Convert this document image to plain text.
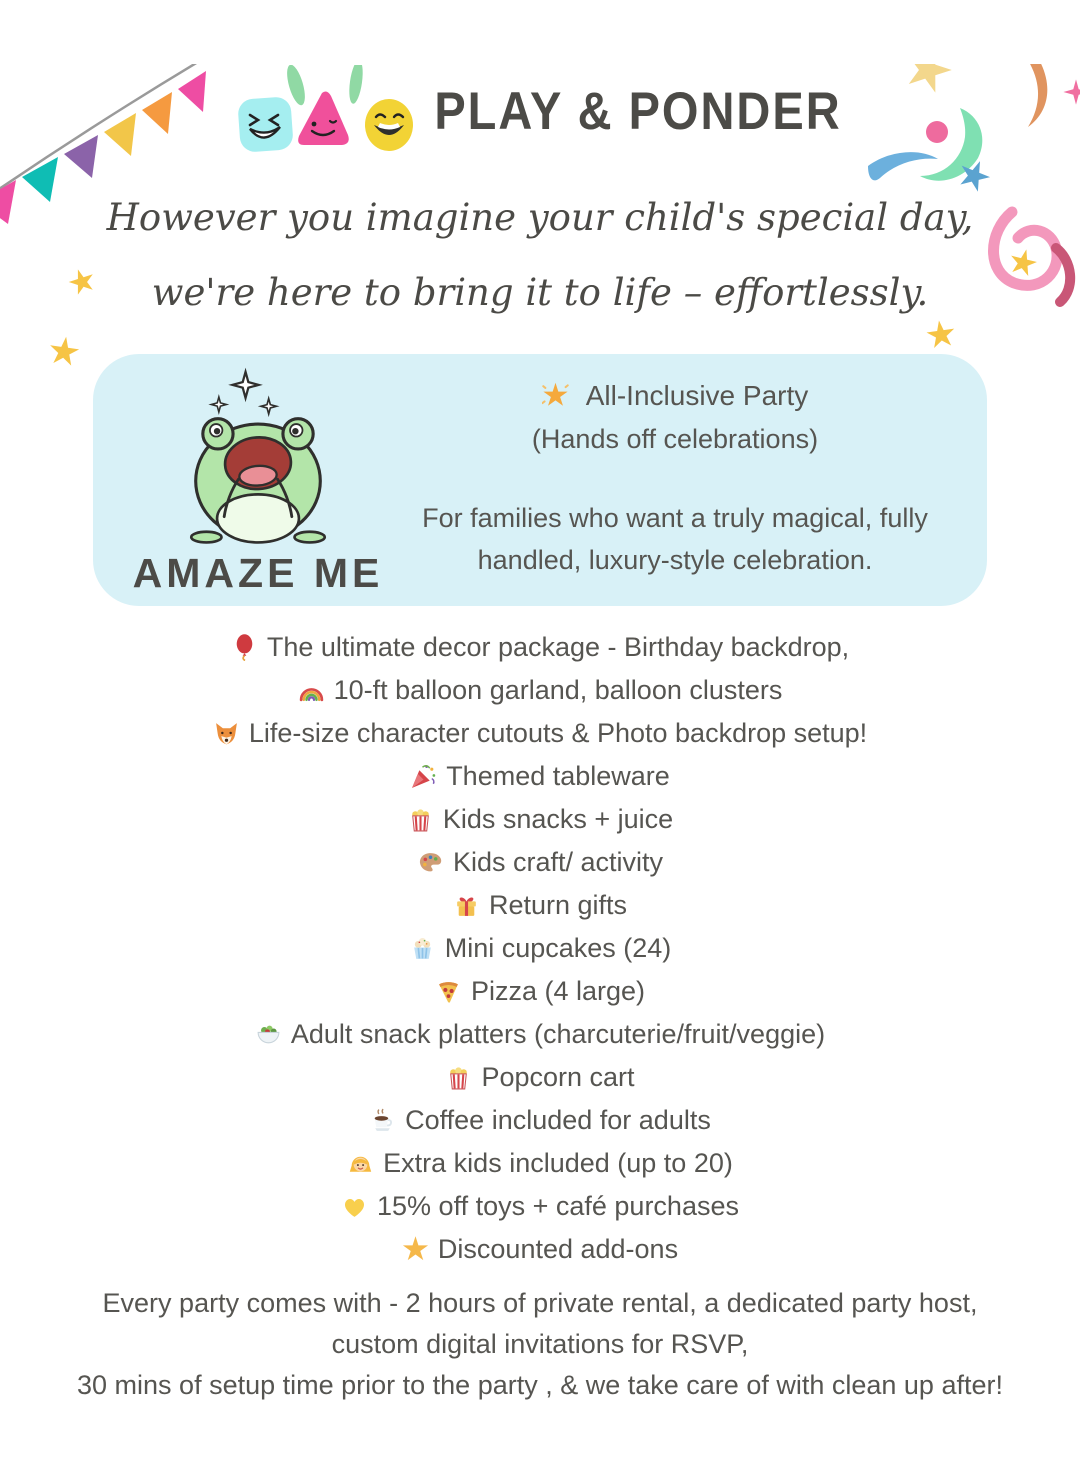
PLAY & PONDER
However you imagine your child's special day,
we're here to bring it to life – effortlessly.
AMAZE ME
All-Inclusive Party
(Hands off celebrations)
For families who want a truly magical, fully
handled, luxury-style celebration.
The ultimate decor package - Birthday backdrop,
10-ft balloon garland, balloon clusters
Life-size character cutouts & Photo backdrop setup!
Themed tableware
Kids snacks + juice
Kids craft/ activity
Return gifts
Mini cupcakes (24)
Pizza (4 large)
Adult snack platters (charcuterie/fruit/veggie)
Popcorn cart
Coffee included for adults
Extra kids included (up to 20)
15% off toys + café purchases
Discounted add-ons
Every party comes with - 2 hours of private rental, a dedicated party host,
custom digital invitations for RSVP,
30 mins of setup time prior to the party , & we take care of with clean up after!
